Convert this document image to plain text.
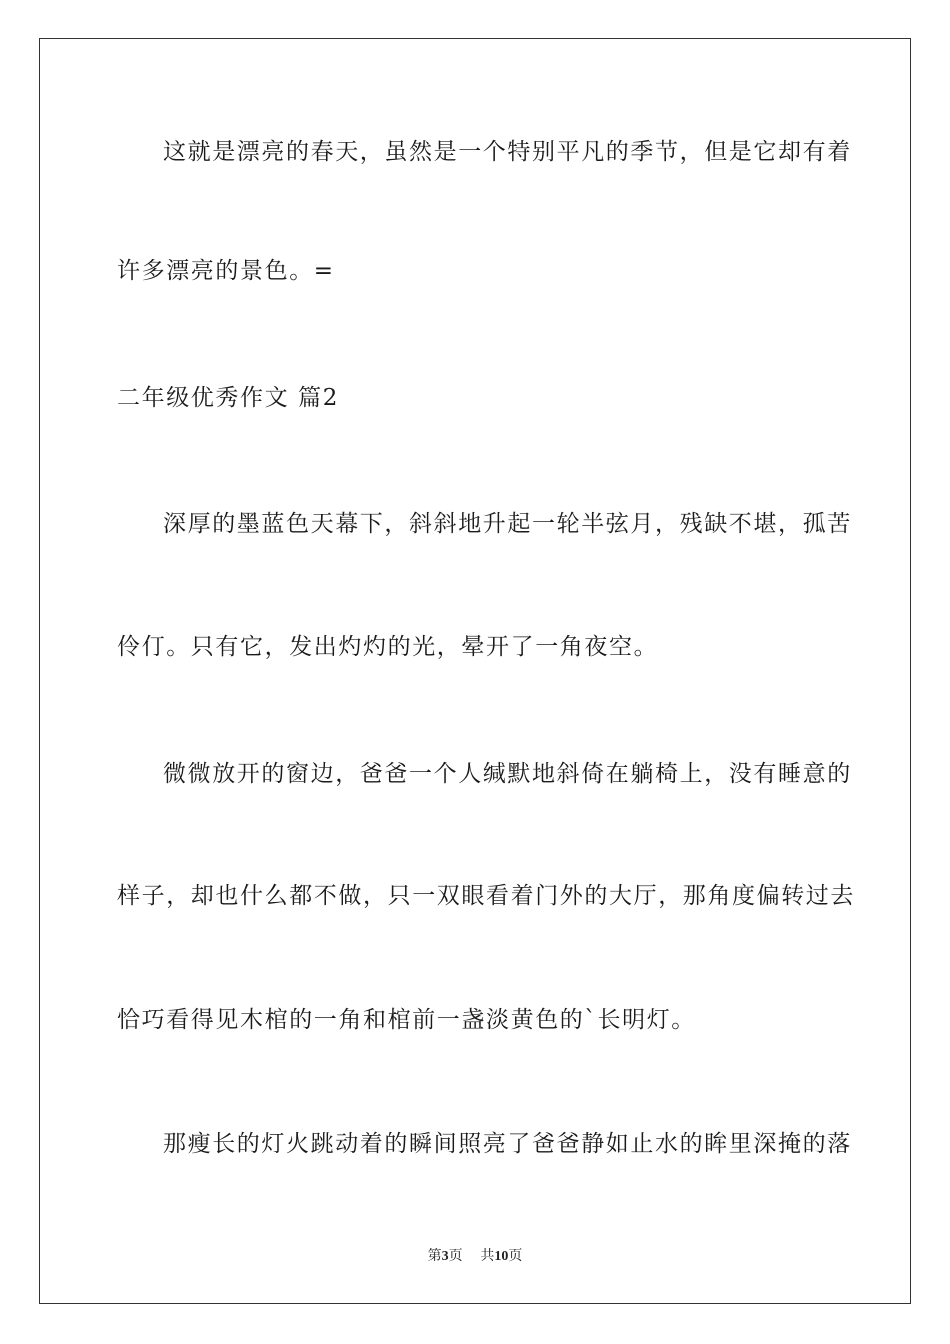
这就是漂亮的春天，虽然是一个特别平凡的季节，但是它却有着
许多漂亮的景色。=
二年级优秀作文 篇2
深厚的墨蓝色天幕下，斜斜地升起一轮半弦月，残缺不堪，孤苦
伶仃。只有它，发出灼灼的光，晕开了一角夜空。
微微放开的窗边，爸爸一个人缄默地斜倚在躺椅上，没有睡意的
样子，却也什么都不做，只一双眼看着门外的大厅，那角度偏转过去
恰巧看得见木棺的一角和棺前一盏淡黄色的`长明灯。
那瘦长的灯火跳动着的瞬间照亮了爸爸静如止水的眸里深掩的落
第3页 共10页
